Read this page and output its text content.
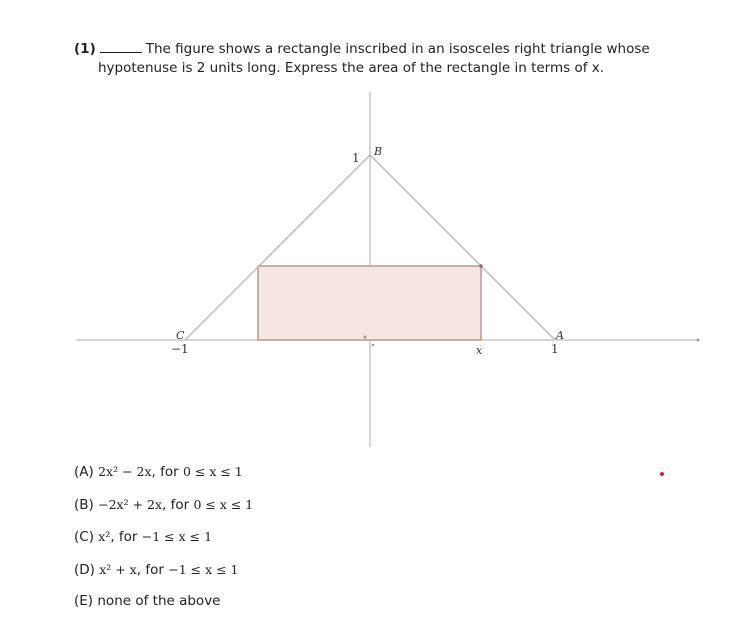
(1)	The figure shows a rectangle inscribed in an isosceles right triangle whose
hypotenuse is 2 units long. Express the area of the rectangle in terms of x.
1 B
C
−1
A
1
x
(A) 2x² − 2x, for 0 ≤ x ≤ 1
(B) −2x² + 2x, for 0 ≤ x ≤ 1
(C) x², for −1 ≤ x ≤ 1
(D) x² + x, for −1 ≤ x ≤ 1
(E) none of the above
